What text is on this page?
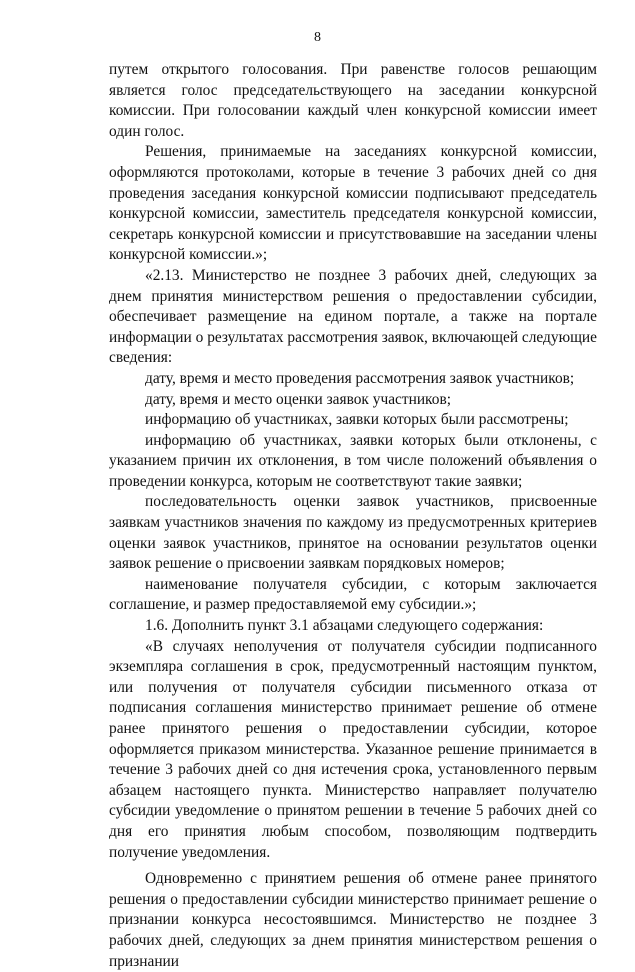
8

путем открытого голосования. При равенстве голосов решающим является голос председательствующего на заседании конкурсной комиссии. При голосовании каждый член конкурсной комиссии имеет один голос.

Решения, принимаемые на заседаниях конкурсной комиссии, оформляются протоколами, которые в течение 3 рабочих дней со дня проведения заседания конкурсной комиссии подписывают председатель конкурсной комиссии, заместитель председателя конкурсной комиссии, секретарь конкурсной комиссии и присутствовавшие на заседании члены конкурсной комиссии.»;

«2.13. Министерство не позднее 3 рабочих дней, следующих за днем принятия министерством решения о предоставлении субсидии, обеспечивает размещение на едином портале, а также на портале информации о результатах рассмотрения заявок, включающей следующие сведения:

дату, время и место проведения рассмотрения заявок участников;

дату, время и место оценки заявок участников;

информацию об участниках, заявки которых были рассмотрены;

информацию об участниках, заявки которых были отклонены, с указанием причин их отклонения, в том числе положений объявления о проведении конкурса, которым не соответствуют такие заявки;

последовательность оценки заявок участников, присвоенные заявкам участников значения по каждому из предусмотренных критериев оценки заявок участников, принятое на основании результатов оценки заявок решение о присвоении заявкам порядковых номеров;

наименование получателя субсидии, с которым заключается соглашение, и размер предоставляемой ему субсидии.»;

1.6. Дополнить пункт 3.1 абзацами следующего содержания:

«В случаях неполучения от получателя субсидии подписанного экземпляра соглашения в срок, предусмотренный настоящим пунктом, или получения от получателя субсидии письменного отказа от подписания соглашения министерство принимает решение об отмене ранее принятого решения о предоставлении субсидии, которое оформляется приказом министерства. Указанное решение принимается в течение 3 рабочих дней со дня истечения срока, установленного первым абзацем настоящего пункта. Министерство направляет получателю субсидии уведомление о принятом решении в течение 5 рабочих дней со дня его принятия любым способом, позволяющим подтвердить получение уведомления.

Одновременно с принятием решения об отмене ранее принятого решения о предоставлении субсидии министерство принимает решение о признании конкурса несостоявшимся. Министерство не позднее 3 рабочих дней, следующих за днем принятия министерством решения о признании
